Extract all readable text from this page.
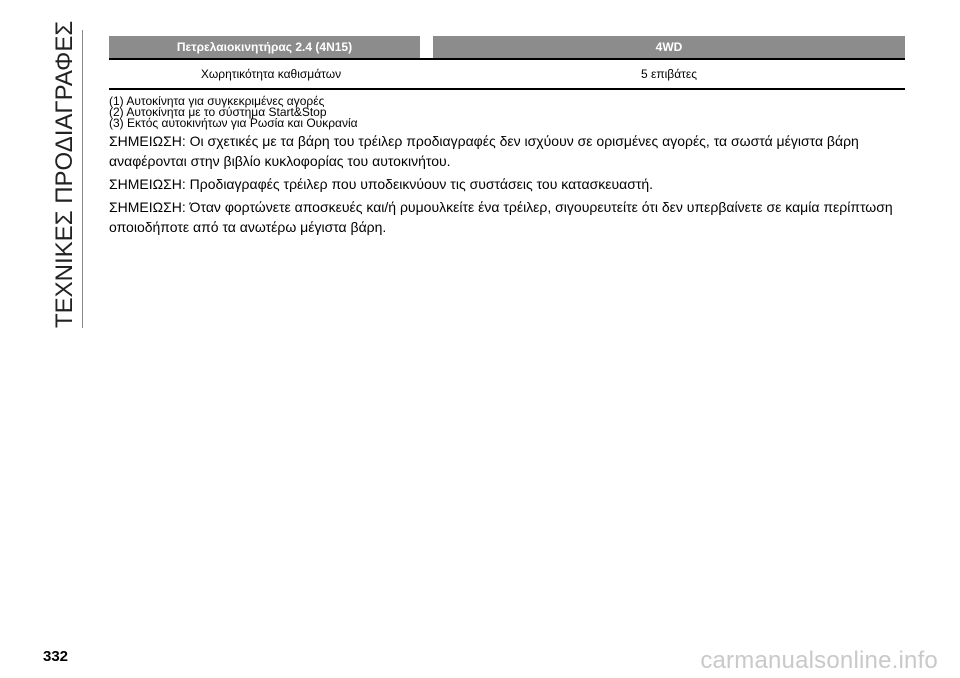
ΤΕΧΝΙΚΕΣ ΠΡΟΔΙΑΓΡΑΦΕΣ	Πετρελαιοκινητήρας 2.4 (4N15)	4WD
Χωρητικότητα καθισμάτων	5 επιβάτες
(1) Αυτοκίνητα για συγκεκριμένες αγορές
(2) Αυτοκίνητα με το σύστημα Start&Stop
(3) Εκτός αυτοκινήτων για Ρωσία και Ουκρανία

ΣΗΜΕΙΩΣΗ: Οι σχετικές με τα βάρη του τρέιλερ προδιαγραφές δεν ισχύουν σε ορισμένες αγορές, τα σωστά μέγιστα βάρη αναφέρονται στην βιβλίο κυκλοφορίας του αυτοκινήτου.

ΣΗΜΕΙΩΣΗ: Προδιαγραφές τρέιλερ που υποδεικνύουν τις συστάσεις του κατασκευαστή.

ΣΗΜΕΙΩΣΗ: Όταν φορτώνετε αποσκευές και/ή ρυμουλκείτε ένα τρέιλερ, σιγουρευτείτε ότι δεν υπερβαίνετε σε καμία περίπτωση οποιοδήποτε από τα ανωτέρω μέγιστα βάρη.

332	carmanualsonline.info
